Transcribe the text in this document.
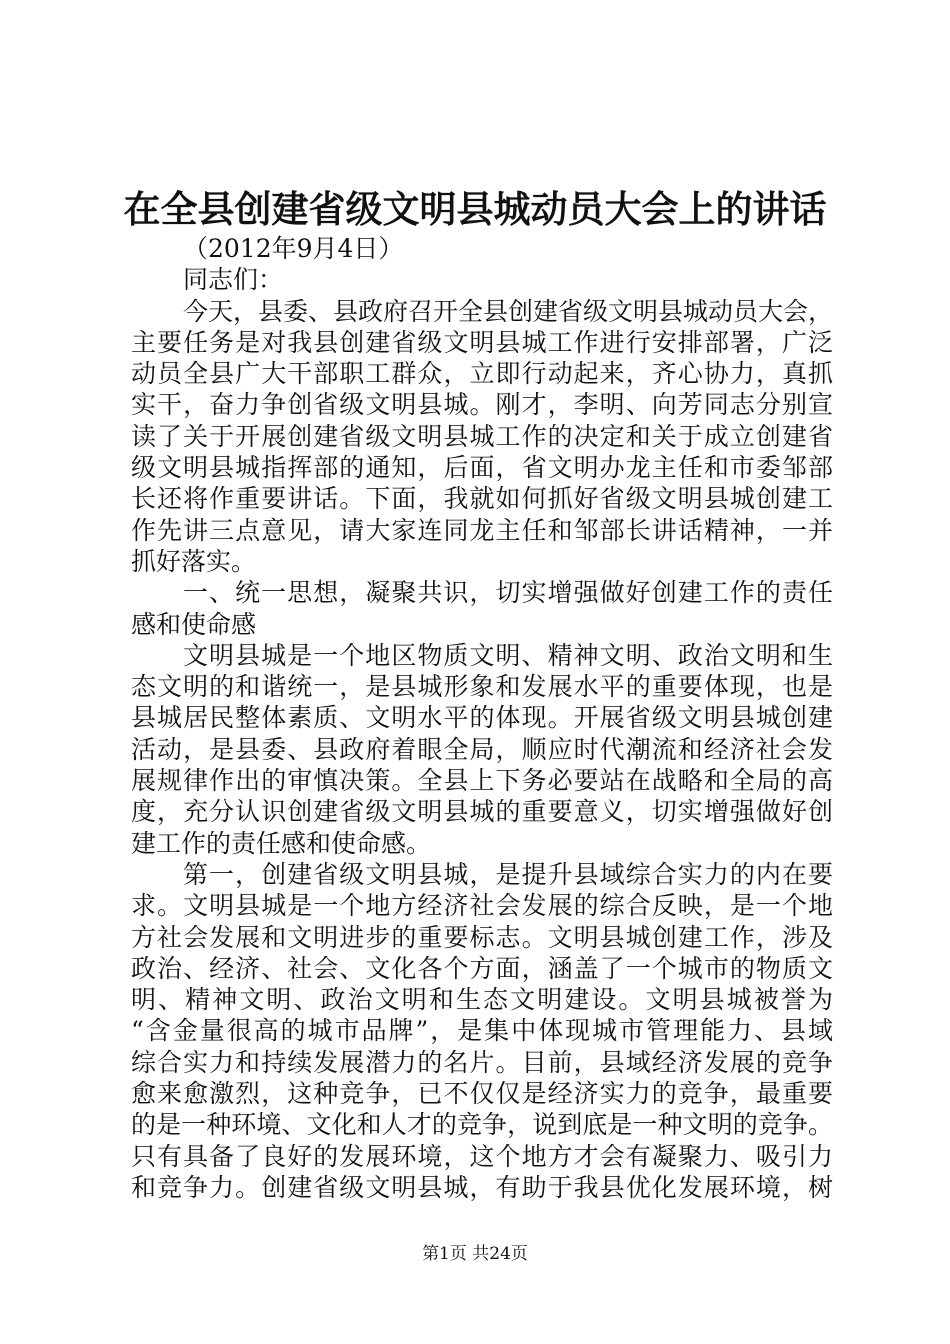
在全县创建省级文明县城动员大会上的讲话
（2012年9月4日）
同志们：
今天，县委、县政府召开全县创建省级文明县城动员大会，
主要任务是对我县创建省级文明县城工作进行安排部署，广泛
动员全县广大干部职工群众，立即行动起来，齐心协力，真抓
实干，奋力争创省级文明县城。刚才，李明、向芳同志分别宣
读了关于开展创建省级文明县城工作的决定和关于成立创建省
级文明县城指挥部的通知，后面，省文明办龙主任和市委邹部
长还将作重要讲话。下面，我就如何抓好省级文明县城创建工
作先讲三点意见，请大家连同龙主任和邹部长讲话精神，一并
抓好落实。
一、统一思想，凝聚共识，切实增强做好创建工作的责任
感和使命感
文明县城是一个地区物质文明、精神文明、政治文明和生
态文明的和谐统一，是县城形象和发展水平的重要体现，也是
县城居民整体素质、文明水平的体现。开展省级文明县城创建
活动，是县委、县政府着眼全局，顺应时代潮流和经济社会发
展规律作出的审慎决策。全县上下务必要站在战略和全局的高
度，充分认识创建省级文明县城的重要意义，切实增强做好创
建工作的责任感和使命感。
第一，创建省级文明县城，是提升县域综合实力的内在要
求。文明县城是一个地方经济社会发展的综合反映，是一个地
方社会发展和文明进步的重要标志。文明县城创建工作，涉及
政治、经济、社会、文化各个方面，涵盖了一个城市的物质文
明、精神文明、政治文明和生态文明建设。文明县城被誉为
“含金量很高的城市品牌”，是集中体现城市管理能力、县域
综合实力和持续发展潜力的名片。目前，县域经济发展的竞争
愈来愈激烈，这种竞争，已不仅仅是经济实力的竞争，最重要
的是一种环境、文化和人才的竞争，说到底是一种文明的竞争。
只有具备了良好的发展环境，这个地方才会有凝聚力、吸引力
和竞争力。创建省级文明县城，有助于我县优化发展环境，树
第1页 共24页
